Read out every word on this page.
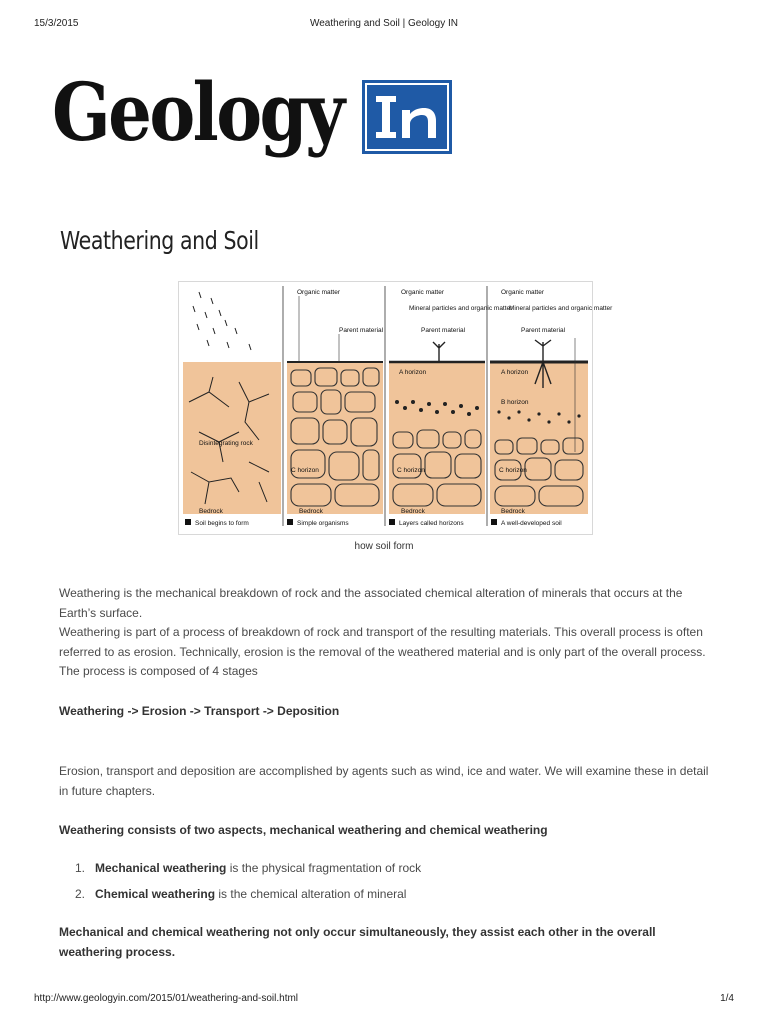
15/3/2015	Weathering and Soil | Geology IN
Geology
Weathering and Soil
Disintegrating rock
Bedrock
Organic matter
Parent material
C horizon
Bedrock
Organic matter
Mineral particles and organic matter
Parent material
A horizon
C horizon
Bedrock
Organic matter
Mineral particles and organic matter
Parent material
A horizon
B horizon
C horizon
Bedrock
Soil begins to form	Simple organisms	Layers called horizons	A well-developed soil
how soil form

Weathering is the mechanical breakdown of rock and the associated chemical alteration of minerals that occurs at the Earth’s surface.

Weathering is part of a process of breakdown of rock and transport of the resulting materials. This overall process is often referred to as erosion. Technically, erosion is the removal of the weathered material and is only part of the overall process. The process is composed of 4 stages

Weathering -> Erosion -> Transport -> Deposition

Erosion, transport and deposition are accomplished by agents such as wind, ice and water. We will examine these in detail in future chapters.

Weathering consists of two aspects, mechanical weathering and chemical weathering

1. Mechanical weathering is the physical fragmentation of rock
2. Chemical weathering is the chemical alteration of mineral

Mechanical and chemical weathering not only occur simultaneously, they assist each other in the overall weathering process.

http://www.geologyin.com/2015/01/weathering-and-soil.html	1/4
